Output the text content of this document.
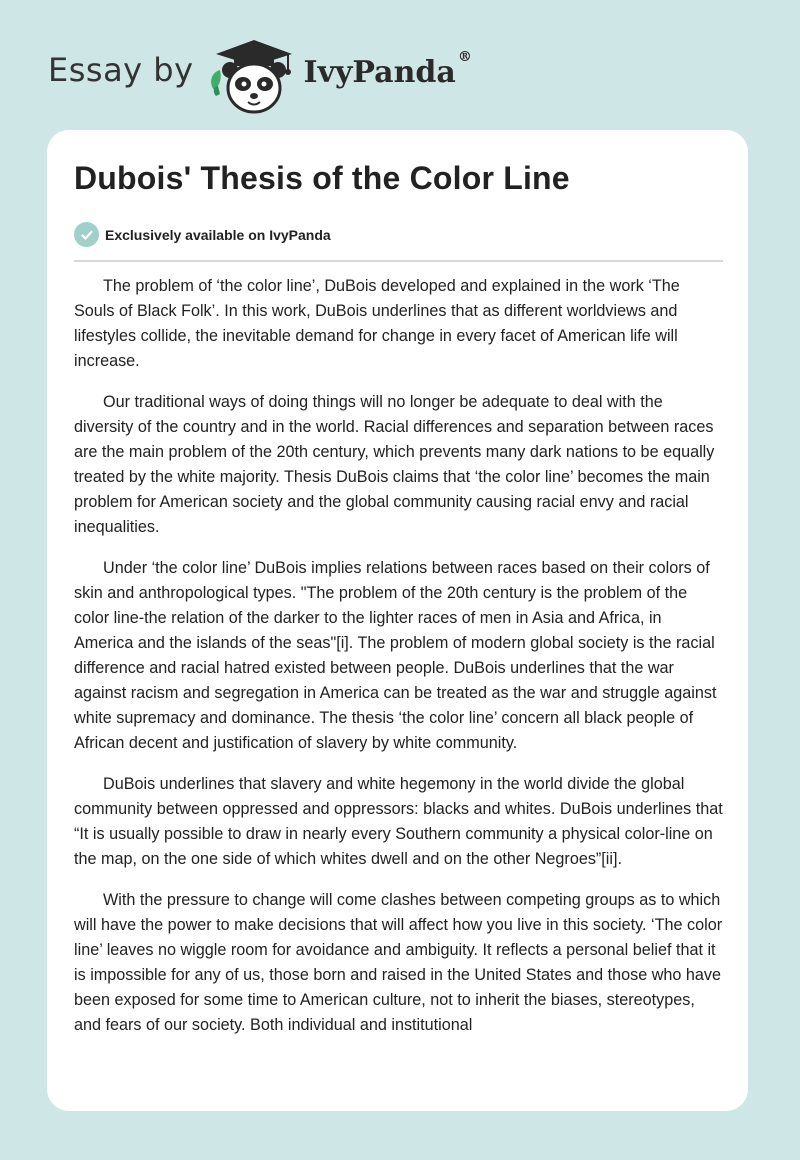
Essay by	IvyPanda ®
Dubois' Thesis of the Color Line
Exclusively available on IvyPanda

The problem of ‘the color line’, DuBois developed and explained in the work ‘The Souls of Black Folk’. In this work, DuBois underlines that as different worldviews and lifestyles collide, the inevitable demand for change in every facet of American life will increase.

Our traditional ways of doing things will no longer be adequate to deal with the diversity of the country and in the world. Racial differences and separation between races are the main problem of the 20th century, which prevents many dark nations to be equally treated by the white majority. Thesis DuBois claims that ‘the color line’ becomes the main problem for American society and the global community causing racial envy and racial inequalities.

Under ‘the color line’ DuBois implies relations between races based on their colors of skin and anthropological types. "The problem of the 20th century is the problem of the color line-the relation of the darker to the lighter races of men in Asia and Africa, in America and the islands of the seas"[i]. The problem of modern global society is the racial difference and racial hatred existed between people. DuBois underlines that the war against racism and segregation in America can be treated as the war and struggle against white supremacy and dominance. The thesis ‘the color line’ concern all black people of African decent and justification of slavery by white community.

DuBois underlines that slavery and white hegemony in the world divide the global community between oppressed and oppressors: blacks and whites. DuBois underlines that “It is usually possible to draw in nearly every Southern community a physical color-line on the map, on the one side of which whites dwell and on the other Negroes”[ii].

With the pressure to change will come clashes between competing groups as to which will have the power to make decisions that will affect how you live in this society. ‘The color line’ leaves no wiggle room for avoidance and ambiguity. It reflects a personal belief that it is impossible for any of us, those born and raised in the United States and those who have been exposed for some time to American culture, not to inherit the biases, stereotypes, and fears of our society. Both individual and institutional
